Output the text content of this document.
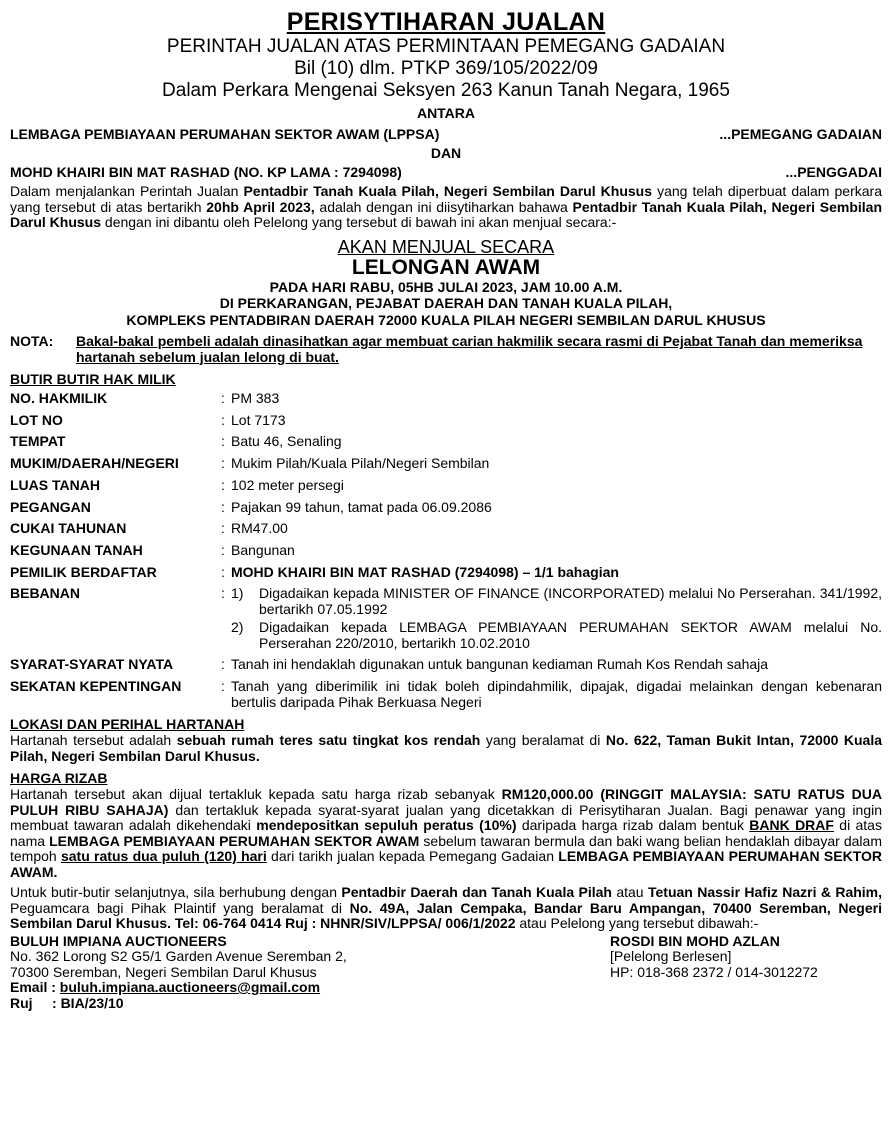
PERISYTIHARAN JUALAN
PERINTAH JUALAN ATAS PERMINTAAN PEMEGANG GADAIAN
Bil (10) dlm. PTKP 369/105/2022/09
Dalam Perkara Mengenai Seksyen 263 Kanun Tanah Negara, 1965
ANTARA
LEMBAGA PEMBIAYAAN PERUMAHAN SEKTOR AWAM (LPPSA)	...PEMEGANG GADAIAN
DAN
MOHD KHAIRI BIN MAT RASHAD (NO. KP LAMA : 7294098)	...PENGGADAI
Dalam menjalankan Perintah Jualan Pentadbir Tanah Kuala Pilah, Negeri Sembilan Darul Khusus yang telah diperbuat dalam perkara yang tersebut di atas bertarikh 20hb April 2023, adalah dengan ini diisytiharkan bahawa Pentadbir Tanah Kuala Pilah, Negeri Sembilan Darul Khusus dengan ini dibantu oleh Pelelong yang tersebut di bawah ini akan menjual secara:-
AKAN MENJUAL SECARA
LELONGAN AWAM
PADA HARI RABU, 05HB JULAI 2023, JAM 10.00 A.M.
DI PERKARANGAN, PEJABAT DAERAH DAN TANAH KUALA PILAH,
KOMPLEKS PENTADBIRAN DAERAH 72000 KUALA PILAH NEGERI SEMBILAN DARUL KHUSUS
NOTA:	Bakal-bakal pembeli adalah dinasihatkan agar membuat carian hakmilik secara rasmi di Pejabat Tanah dan memeriksa hartanah sebelum jualan lelong di buat.
BUTIR BUTIR HAK MILIK
NO. HAKMILIK	: PM 383
LOT NO	: Lot 7173
TEMPAT	: Batu 46, Senaling
MUKIM/DAERAH/NEGERI	: Mukim Pilah/Kuala Pilah/Negeri Sembilan
LUAS TANAH	: 102 meter persegi
PEGANGAN	: Pajakan 99 tahun, tamat pada 06.09.2086
CUKAI TAHUNAN	: RM47.00
KEGUNAAN TANAH	: Bangunan
PEMILIK BERDAFTAR	: MOHD KHAIRI BIN MAT RASHAD (7294098) – 1/1 bahagian
BEBANAN	: 1)	Digadaikan kepada MINISTER OF FINANCE (INCORPORATED) melalui No Perserahan. 341/1992, bertarikh 07.05.1992
2)	Digadaikan kepada LEMBAGA PEMBIAYAAN PERUMAHAN SEKTOR AWAM melalui No. Perserahan 220/2010, bertarikh 10.02.2010
SYARAT-SYARAT NYATA	: Tanah ini hendaklah digunakan untuk bangunan kediaman Rumah Kos Rendah sahaja
SEKATAN KEPENTINGAN	: Tanah yang diberimilik ini tidak boleh dipindahmilik, dipajak, digadai melainkan dengan kebenaran bertulis daripada Pihak Berkuasa Negeri
LOKASI DAN PERIHAL HARTANAH
Hartanah tersebut adalah sebuah rumah teres satu tingkat kos rendah yang beralamat di No. 622, Taman Bukit Intan, 72000 Kuala Pilah, Negeri Sembilan Darul Khusus.
HARGA RIZAB
Hartanah tersebut akan dijual tertakluk kepada satu harga rizab sebanyak RM120,000.00 (RINGGIT MALAYSIA: SATU RATUS DUA PULUH RIBU SAHAJA) dan tertakluk kepada syarat-syarat jualan yang dicetakkan di Perisytiharan Jualan. Bagi penawar yang ingin membuat tawaran adalah dikehendaki mendepositkan sepuluh peratus (10%) daripada harga rizab dalam bentuk BANK DRAF di atas nama LEMBAGA PEMBIAYAAN PERUMAHAN SEKTOR AWAM sebelum tawaran bermula dan baki wang belian hendaklah dibayar dalam tempoh satu ratus dua puluh (120) hari dari tarikh jualan kepada Pemegang Gadaian LEMBAGA PEMBIAYAAN PERUMAHAN SEKTOR AWAM.
Untuk butir-butir selanjutnya, sila berhubung dengan Pentadbir Daerah dan Tanah Kuala Pilah atau Tetuan Nassir Hafiz Nazri & Rahim, Peguamcara bagi Pihak Plaintif yang beralamat di No. 49A, Jalan Cempaka, Bandar Baru Ampangan, 70400 Seremban, Negeri Sembilan Darul Khusus. Tel: 06-764 0414 Ruj : NHNR/SIV/LPPSA/ 006/1/2022 atau Pelelong yang tersebut dibawah:-
BULUH IMPIANA AUCTIONEERS
No. 362 Lorong S2 G5/1 Garden Avenue Seremban 2,
70300 Seremban, Negeri Sembilan Darul Khusus
Email : buluh.impiana.auctioneers@gmail.com
Ruj     : BIA/23/10
ROSDI BIN MOHD AZLAN
[Pelelong Berlesen]
HP: 018-368 2372 / 014-3012272
